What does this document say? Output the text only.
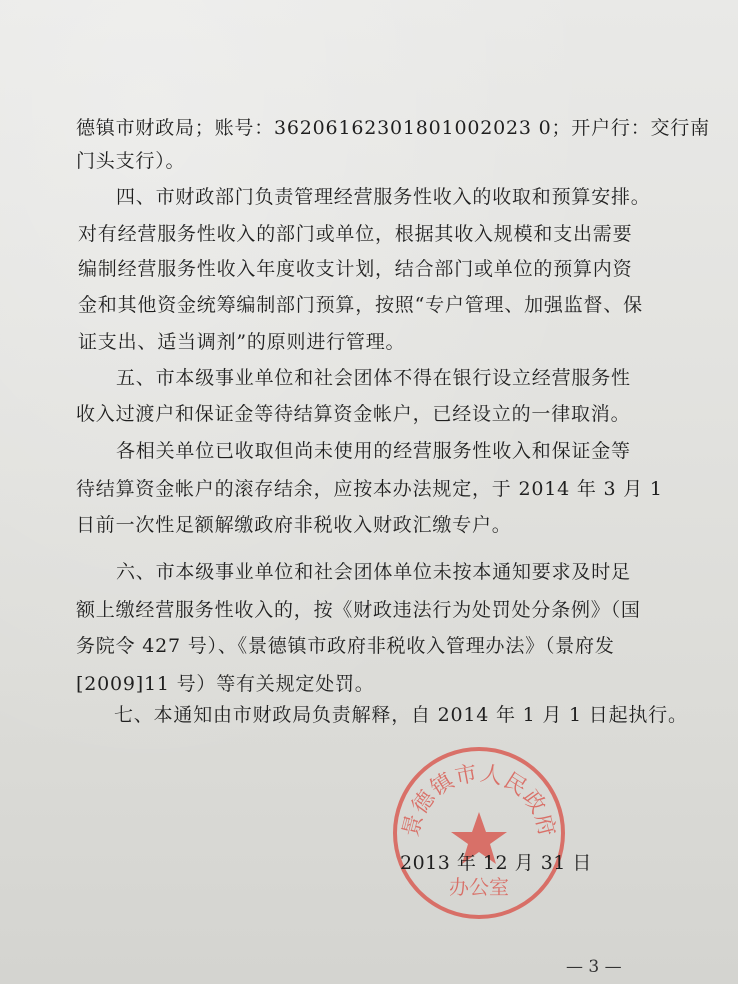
德镇市财政局；账号：36206162301801002023 0；开户行：交行南
门头支行）。
四、市财政部门负责管理经营服务性收入的收取和预算安排。
对有经营服务性收入的部门或单位，根据其收入规模和支出需要
编制经营服务性收入年度收支计划，结合部门或单位的预算内资
金和其他资金统筹编制部门预算，按照“专户管理、加强监督、保
证支出、适当调剂”的原则进行管理。
五、市本级事业单位和社会团体不得在银行设立经营服务性
收入过渡户和保证金等待结算资金帐户，已经设立的一律取消。
各相关单位已收取但尚未使用的经营服务性收入和保证金等
待结算资金帐户的滚存结余，应按本办法规定，于 2014 年 3 月 1
日前一次性足额解缴政府非税收入财政汇缴专户。
六、市本级事业单位和社会团体单位未按本通知要求及时足
额上缴经营服务性收入的，按《财政违法行为处罚处分条例》（国
务院令 427 号）、《景德镇市政府非税收入管理办法》（景府发
[2009]11 号）等有关规定处罚。
七、本通知由市财政局负责解释，自 2014 年 1 月 1 日起执行。
景德镇市人民政府
办公室
2013 年 12 月 31 日
— 3 —
